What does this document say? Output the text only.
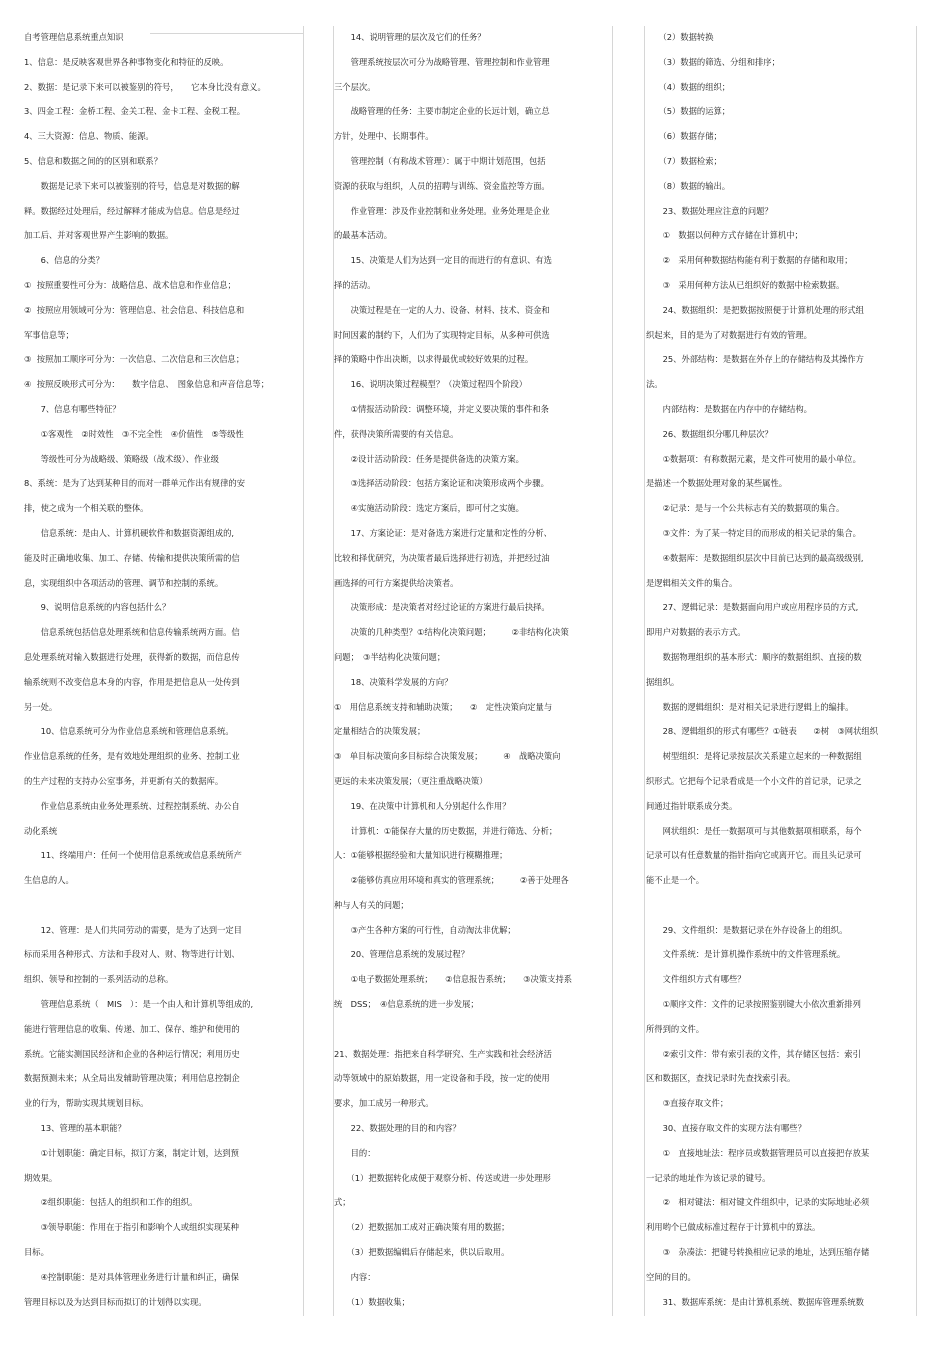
自考管理信息系统重点知识
1、信息：是反映客观世界各种事物变化和特征的反映。
2、数据：是记录下来可以被鉴别的符号，　　它本身比没有意义。
3、四金工程：金桥工程、金关工程、金卡工程、金税工程。
4、三大资源：信息、物质、能源。
5、信息和数据之间的的区别和联系？
　　数据是记录下来可以被鉴别的符号，信息是对数据的解
释。数据经过处理后，经过解释才能成为信息。信息是经过
加工后、并对客观世界产生影响的数据。
　　6、信息的分类？
①  按照重要性可分为：战略信息、战术信息和作业信息；
②  按照应用领域可分为：管理信息、社会信息、科技信息和
军事信息等；
③  按照加工顺序可分为：一次信息、二次信息和三次信息；
④  按照反映形式可分为：　　数字信息、　图象信息和声音信息等；
　　7、信息有哪些特征？
　　①客观性　②时效性　③不完全性　④价值性　⑤等级性
　　等级性可分为战略级、策略级（战术级）、作业级
8、系统：是为了达到某种目的而对一群单元作出有规律的安
排，使之成为一个相关联的整体。
　　信息系统：是由人、计算机硬软件和数据资源组成的,
能及时正确地收集、加工、存储、传输和提供决策所需的信
息，实现组织中各项活动的管理、调节和控制的系统。
　　9、说明信息系统的内容包括什么？
　　信息系统包括信息处理系统和信息传输系统两方面。信
息处理系统对输入数据进行处理，获得新的数据，而信息传
输系统则不改变信息本身的内容，作用是把信息从一处传到
另一处。
　　10、信息系统可分为作业信息系统和管理信息系统。
作业信息系统的任务，是有效地处理组织的业务、控制工业
的生产过程的支持办公室事务，并更新有关的数据库。
　　作业信息系统由业务处理系统、过程控制系统、办公自
动化系统
　　11、终端用户：任何一个使用信息系统或信息系统所产
生信息的人。
　　12、管理：是人们共同劳动的需要，是为了达到一定目
标而采用各种形式、方法和手段对人、财、物等进行计划、
组织、领导和控制的一系列活动的总称。
　　管理信息系统（　MIS　）：是一个由人和计算机等组成的,
能进行管理信息的收集、传递、加工、保存、维护和使用的
系统。它能实测国民经济和企业的各种运行情况；利用历史
数据预测未来；从全局出发辅助管理决策；利用信息控制企
业的行为，帮助实现其规划目标。
　　13、管理的基本职能？
　　①计划职能：确定目标，拟订方案，制定计划，达到预
期效果。
　　②组织职能：包括人的组织和工作的组织。
　　③领导职能：作用在于指引和影响个人或组织实现某种
目标。
　　④控制职能：是对具体管理业务进行计量和纠正，确保
管理目标以及为达到目标而拟订的计划得以实现。
　　14、说明管理的层次及它们的任务？
　　管理系统按层次可分为战略管理、管理控制和作业管理
三个层次。
　　战略管理的任务：主要市制定企业的长远计划，确立总
方针，处理中、长期事件。
　　管理控制（有称战术管理）：属于中期计划范围，包括
资源的获取与组织，人员的招聘与训练、资金监控等方面。
　　作业管理：涉及作业控制和业务处理。业务处理是企业
的最基本活动。
　　15、决策是人们为达到一定目的而进行的有意识、有选
择的活动。
　　决策过程是在一定的人力、设备、材料、技术、资金和
时间因素的制约下，人们为了实现特定目标，从多种可供选
择的策略中作出决断，以求得最优或较好效果的过程。
　　16、说明决策过程模型？（决策过程四个阶段）
　　①情报活动阶段：调整环境，并定义要决策的事件和条
件，获得决策所需要的有关信息。
　　②设计活动阶段：任务是提供备选的决策方案。
　　③选择活动阶段：包括方案论证和决策形成两个步骤。
　　④实施活动阶段：选定方案后，即可付之实施。
　　17、方案论证：是对备选方案进行定量和定性的分析、
比较和择优研究，为决策者最后选择进行初选，并把经过油
画选择的可行方案提供给决策者。
　　决策形成：是决策者对经过论证的方案进行最后抉择。
　　决策的几种类型？①结构化决策问题；　　　②非结构化决策
问题；　③半结构化决策问题；
　　18、决策科学发展的方向？
①　用信息系统支持和辅助决策；　　②　定性决策向定量与
定量相结合的决策发展；
③　单目标决策向多目标综合决策发展；　　　④　战略决策向
更远的未来决策发展；（更注重战略决策）
　　19、在决策中计算机和人分别起什么作用？
　　计算机：①能保存大量的历史数据，并进行筛选、分析；
人：①能够根据经验和大量知识进行模糊推理；
　　②能够仿真应用环境和真实的管理系统；　　　②善于处理各
种与人有关的问题；
　　③产生各种方案的可行性，自动淘汰非优解；
　　20、管理信息系统的发展过程？
　　①电子数据处理系统；　　②信息报告系统；　　③决策支持系
统　DSS；　④信息系统的进一步发展；
21、数据处理：指把来自科学研究、生产实践和社会经济活
动等领域中的原始数据，用一定设备和手段，按一定的使用
要求，加工成另一种形式。
　　22、数据处理的目的和内容？
　　目的：
　　（1）把数据转化成便于观察分析、传送或进一步处理形
式；
　　（2）把数据加工成对正确决策有用的数据；
　　（3）把数据编辑后存储起来，供以后取用。
　　内容：
　　（1）数据收集；
　　（2）数据转换
　　（3）数据的筛选、分组和排序；
　　（4）数据的组织；
　　（5）数据的运算；
　　（6）数据存储；
　　（7）数据检索；
　　（8）数据的输出。
　　23、数据处理应注意的问题？
　　①　数据以何种方式存储在计算机中；
　　②　采用何种数据结构能有利于数据的存储和取用；
　　③　采用何种方法从已组织好的数据中检索数据。
　　24、数据组织：是把数据按照便于计算机处理的形式组
织起来，目的是为了对数据进行有效的管理。
　　25、外部结构：是数据在外存上的存储结构及其操作方
法。
　　内部结构：是数据在内存中的存储结构。
　　26、数据组织分哪几种层次？
　　①数据项：有称数据元素，是文件可使用的最小单位。
是描述一个数据处理对象的某些属性。
　　②记录：是与一个公共标志有关的数据项的集合。
　　③文件：为了某一特定目的而形成的相关记录的集合。
　　④数据库：是数据组织层次中目前已达到的最高级级别,
是逻辑相关文件的集合。
　　27、逻辑记录：是数据面向用户或应用程序员的方式,
即用户对数据的表示方式。
　　数据物理组织的基本形式：顺序的数据组织、直接的数
据组织。
　　数据的逻辑组织：是对相关记录进行逻辑上的编排。
　　28、逻辑组织的形式有哪些？①链表　　②树　③网状组织
　　树型组织：是将记录按层次关系建立起来的一种数据组
织形式。它把每个记录看成是一个小文件的首记录，记录之
间通过指针联系成分类。
　　网状组织：是任一数据项可与其他数据项相联系，每个
记录可以有任意数量的指针指向它或离开它。而且头记录可
能不止是一个。
　　29、文件组织：是数据记录在外存设备上的组织。
　　文件系统：是计算机操作系统中的文件管理系统。
　　文件组织方式有哪些？
　　①顺序文件：文件的记录按照鉴别键大小依次重新排列
所得到的文件。
　　②索引文件：带有索引表的文件，其存储区包括：索引
区和数据区，查找记录时先查找索引表。
　　③直接存取文件；
　　30、直接存取文件的实现方法有哪些？
　　①　直接地址法：程序员或数据管理员可以直接把存放某
一记录的地址作为该记录的键号。
　　②　相对键法：相对键文件组织中，记录的实际地址必须
利用哟个已做成标准过程存于计算机中的算法。
　　③　杂凑法：把键号转换相应记录的地址，达到压缩存储
空间的目的。
　　31、数据库系统：是由计算机系统、数据库管理系统数
